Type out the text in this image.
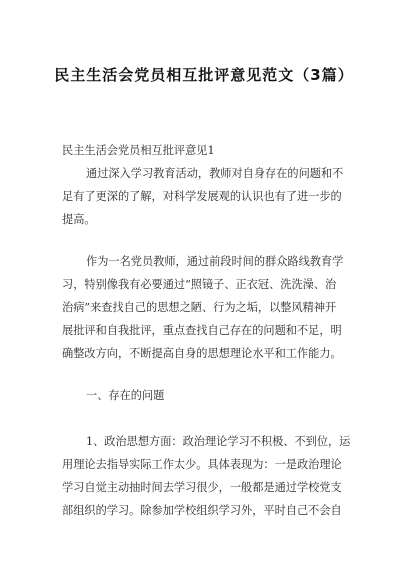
民主生活会党员相互批评意见范文（3篇）
民主生活会党员相互批评意见1
通过深入学习教育活动，教师对自身存在的问题和不
足有了更深的了解，对科学发展观的认识也有了进一步的
提高。
作为一名党员教师，通过前段时间的群众路线教育学
习，特别像我有必要通过“照镜子、正衣冠、洗洗澡、治
治病”来查找自己的思想之陋、行为之垢，以整风精神开
展批评和自我批评，重点查找自己存在的问题和不足，明
确整改方向，不断提高自身的思想理论水平和工作能力。
一、存在的问题
1、政治思想方面：政治理论学习不积极、不到位，运
用理论去指导实际工作太少。具体表现为：一是政治理论
学习自觉主动抽时间去学习很少，一般都是通过学校党支
部组织的学习。除参加学校组织学习外，平时自己不会自
